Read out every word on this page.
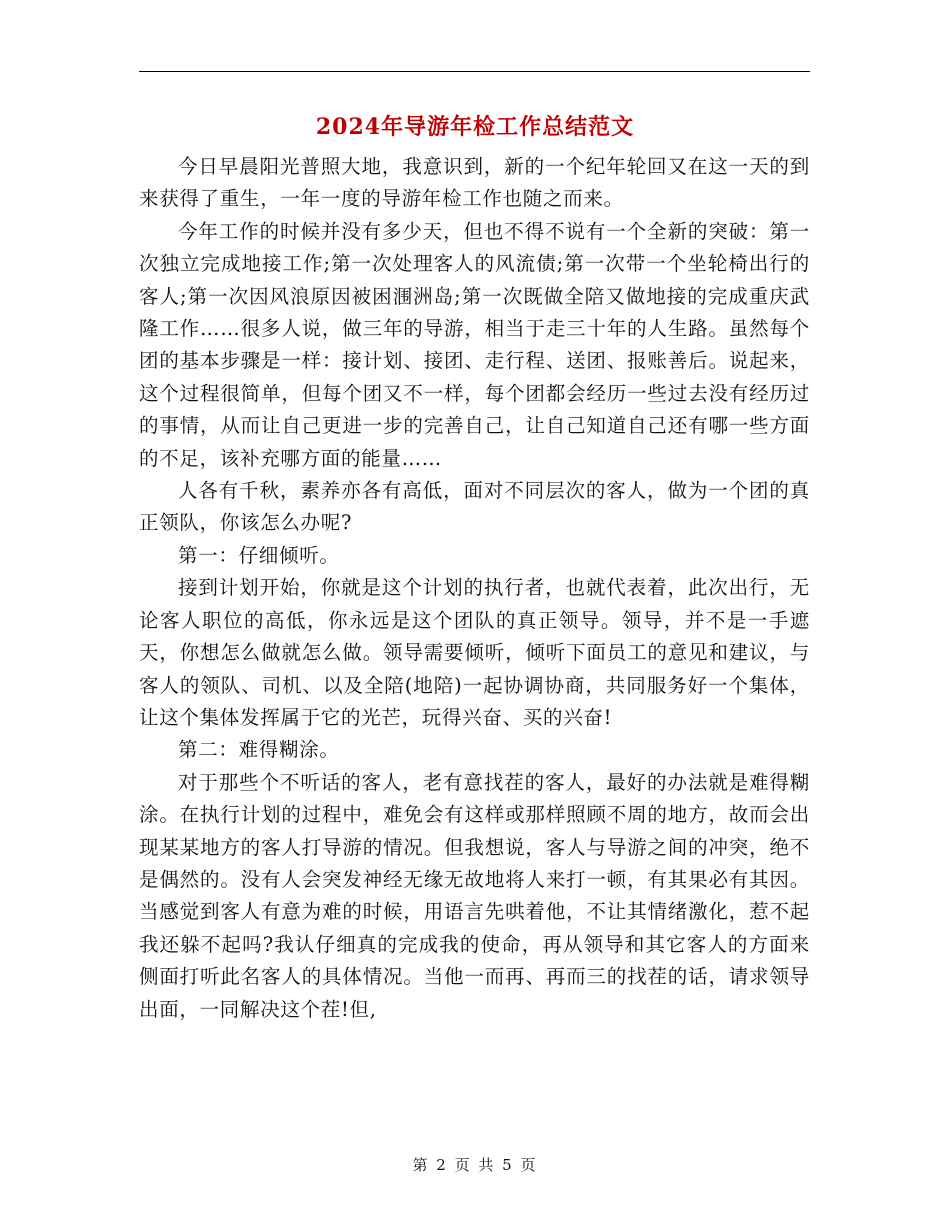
2024年导游年检工作总结范文

今日早晨阳光普照大地，我意识到，新的一个纪年轮回又在这一天的到来获得了重生，一年一度的导游年检工作也随之而来。

今年工作的时候并没有多少天，但也不得不说有一个全新的突破：第一次独立完成地接工作;第一次处理客人的风流债;第一次带一个坐轮椅出行的客人;第一次因风浪原因被困涠洲岛;第一次既做全陪又做地接的完成重庆武隆工作……很多人说，做三年的导游，相当于走三十年的人生路。虽然每个团的基本步骤是一样：接计划、接团、走行程、送团、报账善后。说起来，这个过程很简单，但每个团又不一样，每个团都会经历一些过去没有经历过的事情，从而让自己更进一步的完善自己，让自己知道自己还有哪一些方面的不足，该补充哪方面的能量……

人各有千秋，素养亦各有高低，面对不同层次的客人，做为一个团的真正领队，你该怎么办呢?

第一：仔细倾听。

接到计划开始，你就是这个计划的执行者，也就代表着，此次出行，无论客人职位的高低，你永远是这个团队的真正领导。领导，并不是一手遮天，你想怎么做就怎么做。领导需要倾听，倾听下面员工的意见和建议，与客人的领队、司机、以及全陪(地陪)一起协调协商，共同服务好一个集体，让这个集体发挥属于它的光芒，玩得兴奋、买的兴奋!

第二：难得糊涂。

对于那些个不听话的客人，老有意找茬的客人，最好的办法就是难得糊涂。在执行计划的过程中，难免会有这样或那样照顾不周的地方，故而会出现某某地方的客人打导游的情况。但我想说，客人与导游之间的冲突，绝不是偶然的。没有人会突发神经无缘无故地将人来打一顿，有其果必有其因。当感觉到客人有意为难的时候，用语言先哄着他，不让其情绪激化，惹不起我还躲不起吗?我认仔细真的完成我的使命，再从领导和其它客人的方面来侧面打听此名客人的具体情况。当他一而再、再而三的找茬的话，请求领导出面，一同解决这个茬!但,

第 2 页 共 5 页
